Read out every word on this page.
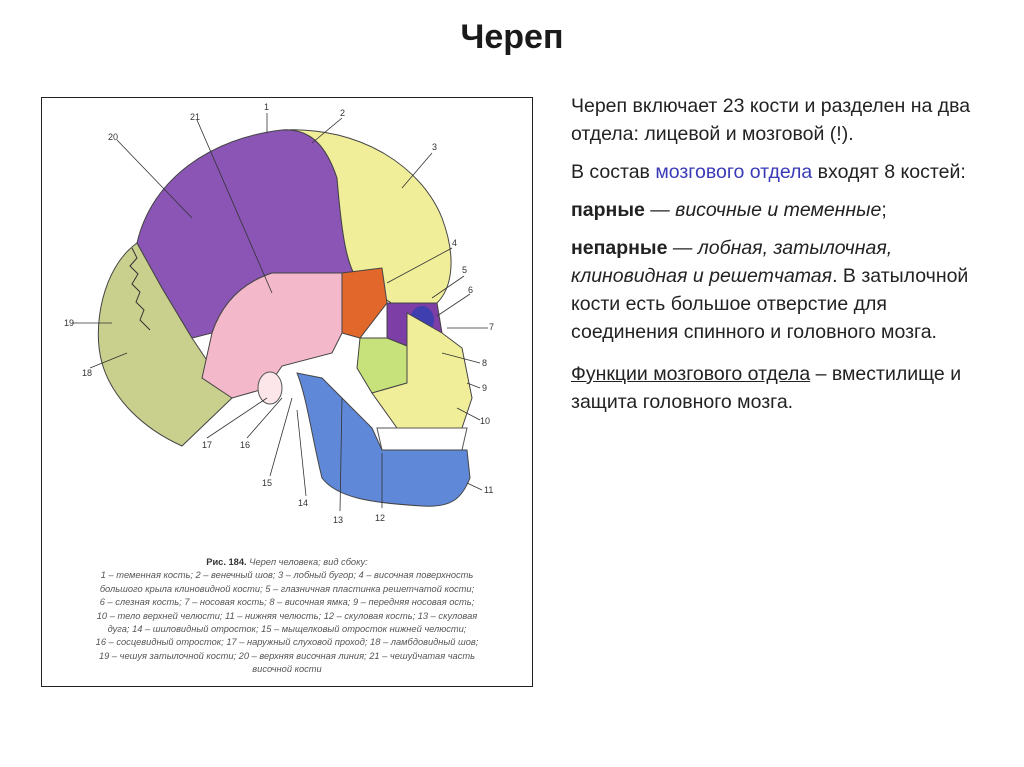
Череп
1
2
3
4
5
6
7
8
9
10
11
12
13
14
15
16
17
18
19
20
21
Рис. 184. Череп человека; вид сбоку:
1 – теменная кость; 2 – венечный шов; 3 – лобный бугор; 4 – височная поверхность
большого крыла клиновидной кости; 5 – глазничная пластинка решетчатой кости;
6 – слезная кость; 7 – носовая кость; 8 – височная ямка; 9 – передняя носовая ость;
10 – тело верхней челюсти; 11 – нижняя челюсть; 12 – скуловая кость; 13 – скуловая
дуга; 14 – шиловидный отросток; 15 – мыщелковый отросток нижней челюсти;
16 – сосцевидный отросток; 17 – наружный слуховой проход; 18 – ламбдовидный шов;
19 – чешуя затылочной кости; 20 – верхняя височная линия; 21 – чешуйчатая часть
височной кости

Череп включает 23 кости и разделен на два отдела: лицевой и мозговой (!).

В состав мозгового отдела входят 8 костей:

парные — височные и теменные;

непарные — лобная, затылочная, клиновидная и решетчатая. В затылочной кости есть большое отверстие для соединения спинного и головного мозга.

Функции мозгового отдела – вместилище и защита головного мозга.
